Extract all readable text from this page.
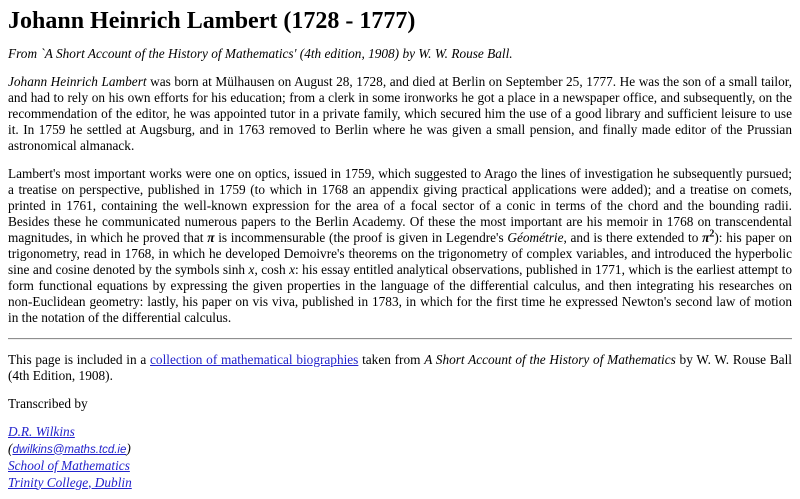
Johann Heinrich Lambert (1728 - 1777)

From `A Short Account of the History of Mathematics' (4th edition, 1908) by W. W. Rouse Ball.

Johann Heinrich Lambert was born at Mülhausen on August 28, 1728, and died at Berlin on September 25, 1777. He was the son of a small tailor, and had to rely on his own efforts for his education; from a clerk in some ironworks he got a place in a newspaper office, and subsequently, on the recommendation of the editor, he was appointed tutor in a private family, which secured him the use of a good library and sufficient leisure to use it. In 1759 he settled at Augsburg, and in 1763 removed to Berlin where he was given a small pension, and finally made editor of the Prussian astronomical almanack.

Lambert's most important works were one on optics, issued in 1759, which suggested to Arago the lines of investigation he subsequently pursued; a treatise on perspective, published in 1759 (to which in 1768 an appendix giving practical applications were added); and a treatise on comets, printed in 1761, containing the well-known expression for the area of a focal sector of a conic in terms of the chord and the bounding radii. Besides these he communicated numerous papers to the Berlin Academy. Of these the most important are his memoir in 1768 on transcendental magnitudes, in which he proved that π is incommensurable (the proof is given in Legendre's Géométrie, and is there extended to $\pi^2$): his paper on trigonometry, read in 1768, in which he developed Demoivre's theorems on the trigonometry of complex variables, and introduced the hyperbolic sine and cosine denoted by the symbols sinh x, cosh x: his essay entitled analytical observations, published in 1771, which is the earliest attempt to form functional equations by expressing the given properties in the language of the differential calculus, and then integrating his researches on non-Euclidean geometry: lastly, his paper on vis viva, published in 1783, in which for the first time he expressed Newton's second law of motion in the notation of the differential calculus.

This page is included in a collection of mathematical biographies taken from A Short Account of the History of Mathematics by W. W. Rouse Ball (4th Edition, 1908).

Transcribed by

D.R. Wilkins
(dwilkins@maths.tcd.ie)
School of Mathematics
Trinity College, Dublin
